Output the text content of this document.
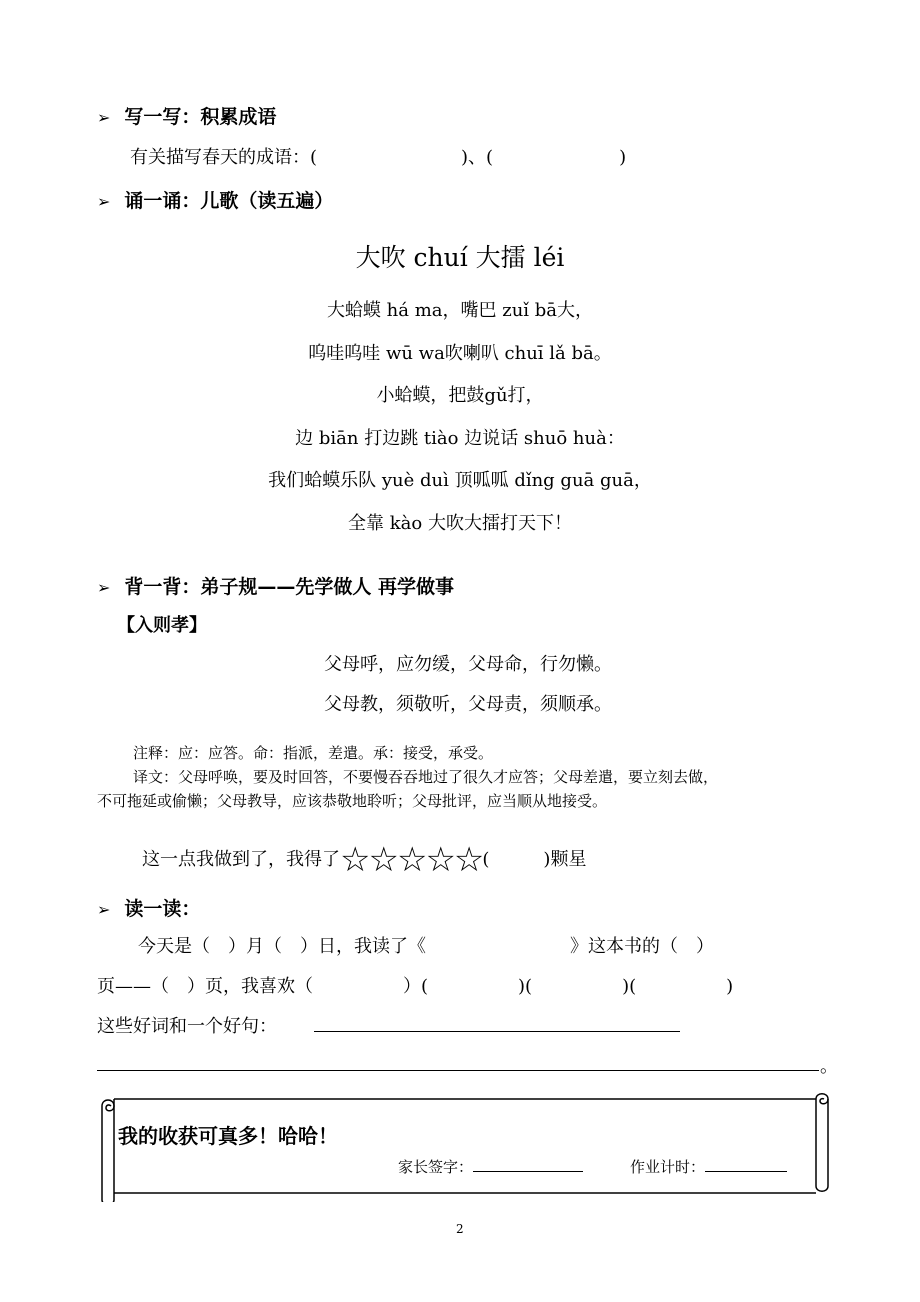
➢ 写一写：积累成语
有关描写春天的成语：(　　　　　　　　)、(　　　　　　　)
➢ 诵一诵：儿歌（读五遍）
大吹 chuí 大擂 léi
大蛤蟆 há ma，嘴巴 zuǐ bā大，
呜哇呜哇 wū wa吹喇叭 chuī lǎ bā。
小蛤蟆，把鼓gǔ打，
边 biān 打边跳 tiào 边说话 shuō huà：
我们蛤蟆乐队 yuè duì 顶呱呱 dǐng guā guā，
全靠 kào 大吹大擂打天下！
➢ 背一背：弟子规——先学做人 再学做事
【入则孝】
父母呼，应勿缓，父母命，行勿懒。
父母教，须敬听，父母责，须顺承。
注释：应：应答。命：指派，差遣。承：接受，承受。
译文：父母呼唤，要及时回答，不要慢吞吞地过了很久才应答；父母差遣，要立刻去做，
不可拖延或偷懒；父母教导，应该恭敬地聆听；父母批评，应当顺从地接受。
这一点我做到了，我得了☆☆☆☆☆(　　　)颗星
➢ 读一读：
今天是（　）月（　）日，我读了《　　　　　　　　》这本书的（　）
页——（　）页，我喜欢（　　　　　）(　　　　　)(　　　　　)(　　　　　)
这些好词和一个好句：
。
我的收获可真多！哈哈！
家长签字：	作业计时：
2
